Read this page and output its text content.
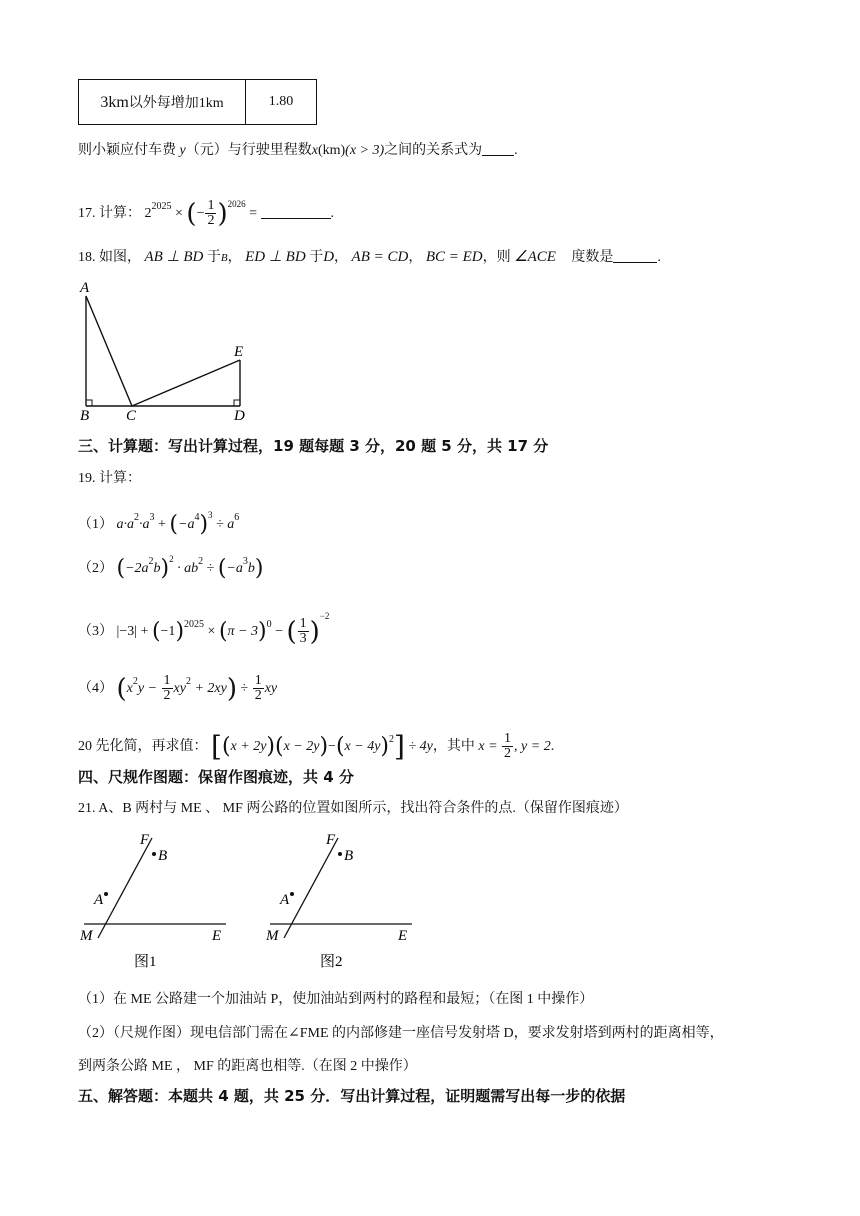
3km以外每增加1km	1.80
则小颖应付车费 y（元）与行驶里程数x(km)(x > 3)之间的关系式为 .
17. 计算： $2^{2025}$ × (− $\frac{1}{2} )^{2026}$ =	.
18. 如图， AB ⊥ BD 于B， ED ⊥ BD 于D， AB = CD， BC = ED，则 ∠ACE 度数是	.
A
B C	D
E
三、计算题：写出计算过程，19 题每题 3 分，20 题 5 分，共 17 分
19. 计算：
（1） $a\cdot a^2\cdot a^3 + (-a^4)^3 \div a^6$
（2） $(-2a^2b)^2 \cdot ab^2 \div (-a^3b)$
（3） $|-3| + (-1)^{2025} \times (\pi - 3)^0$ − ( $\frac{1}{3} )^{-2}$
（4） $(x^2y - \frac{1}{2} xy^2 + 2xy) \div \frac{1}{2}$ xy
20 先化简，再求值： $[(x + 2y)(x - 2y)-(x - 4y)^2] \div 4y$，其中 $x = \frac{1}{2}$ , y = 2.
四、尺规作图题：保留作图痕迹，共 4 分
21. A、B 两村与 ME 、 MF 两公路的位置如图所示，找出符合条件的点.（保留作图痕迹）
F
B
A
M	E
图1
F
B
A
M	E
图2
（1）在 ME 公路建一个加油站 P，使加油站到两村的路程和最短；（在图 1 中操作）
（2）（尺规作图）现电信部门需在∠FME 的内部修建一座信号发射塔 D，要求发射塔到两村的距离相等，
到两条公路 ME ， MF 的距离也相等.（在图 2 中操作）
五、解答题：本题共 4 题，共 25 分．写出计算过程，证明题需写出每一步的依据
